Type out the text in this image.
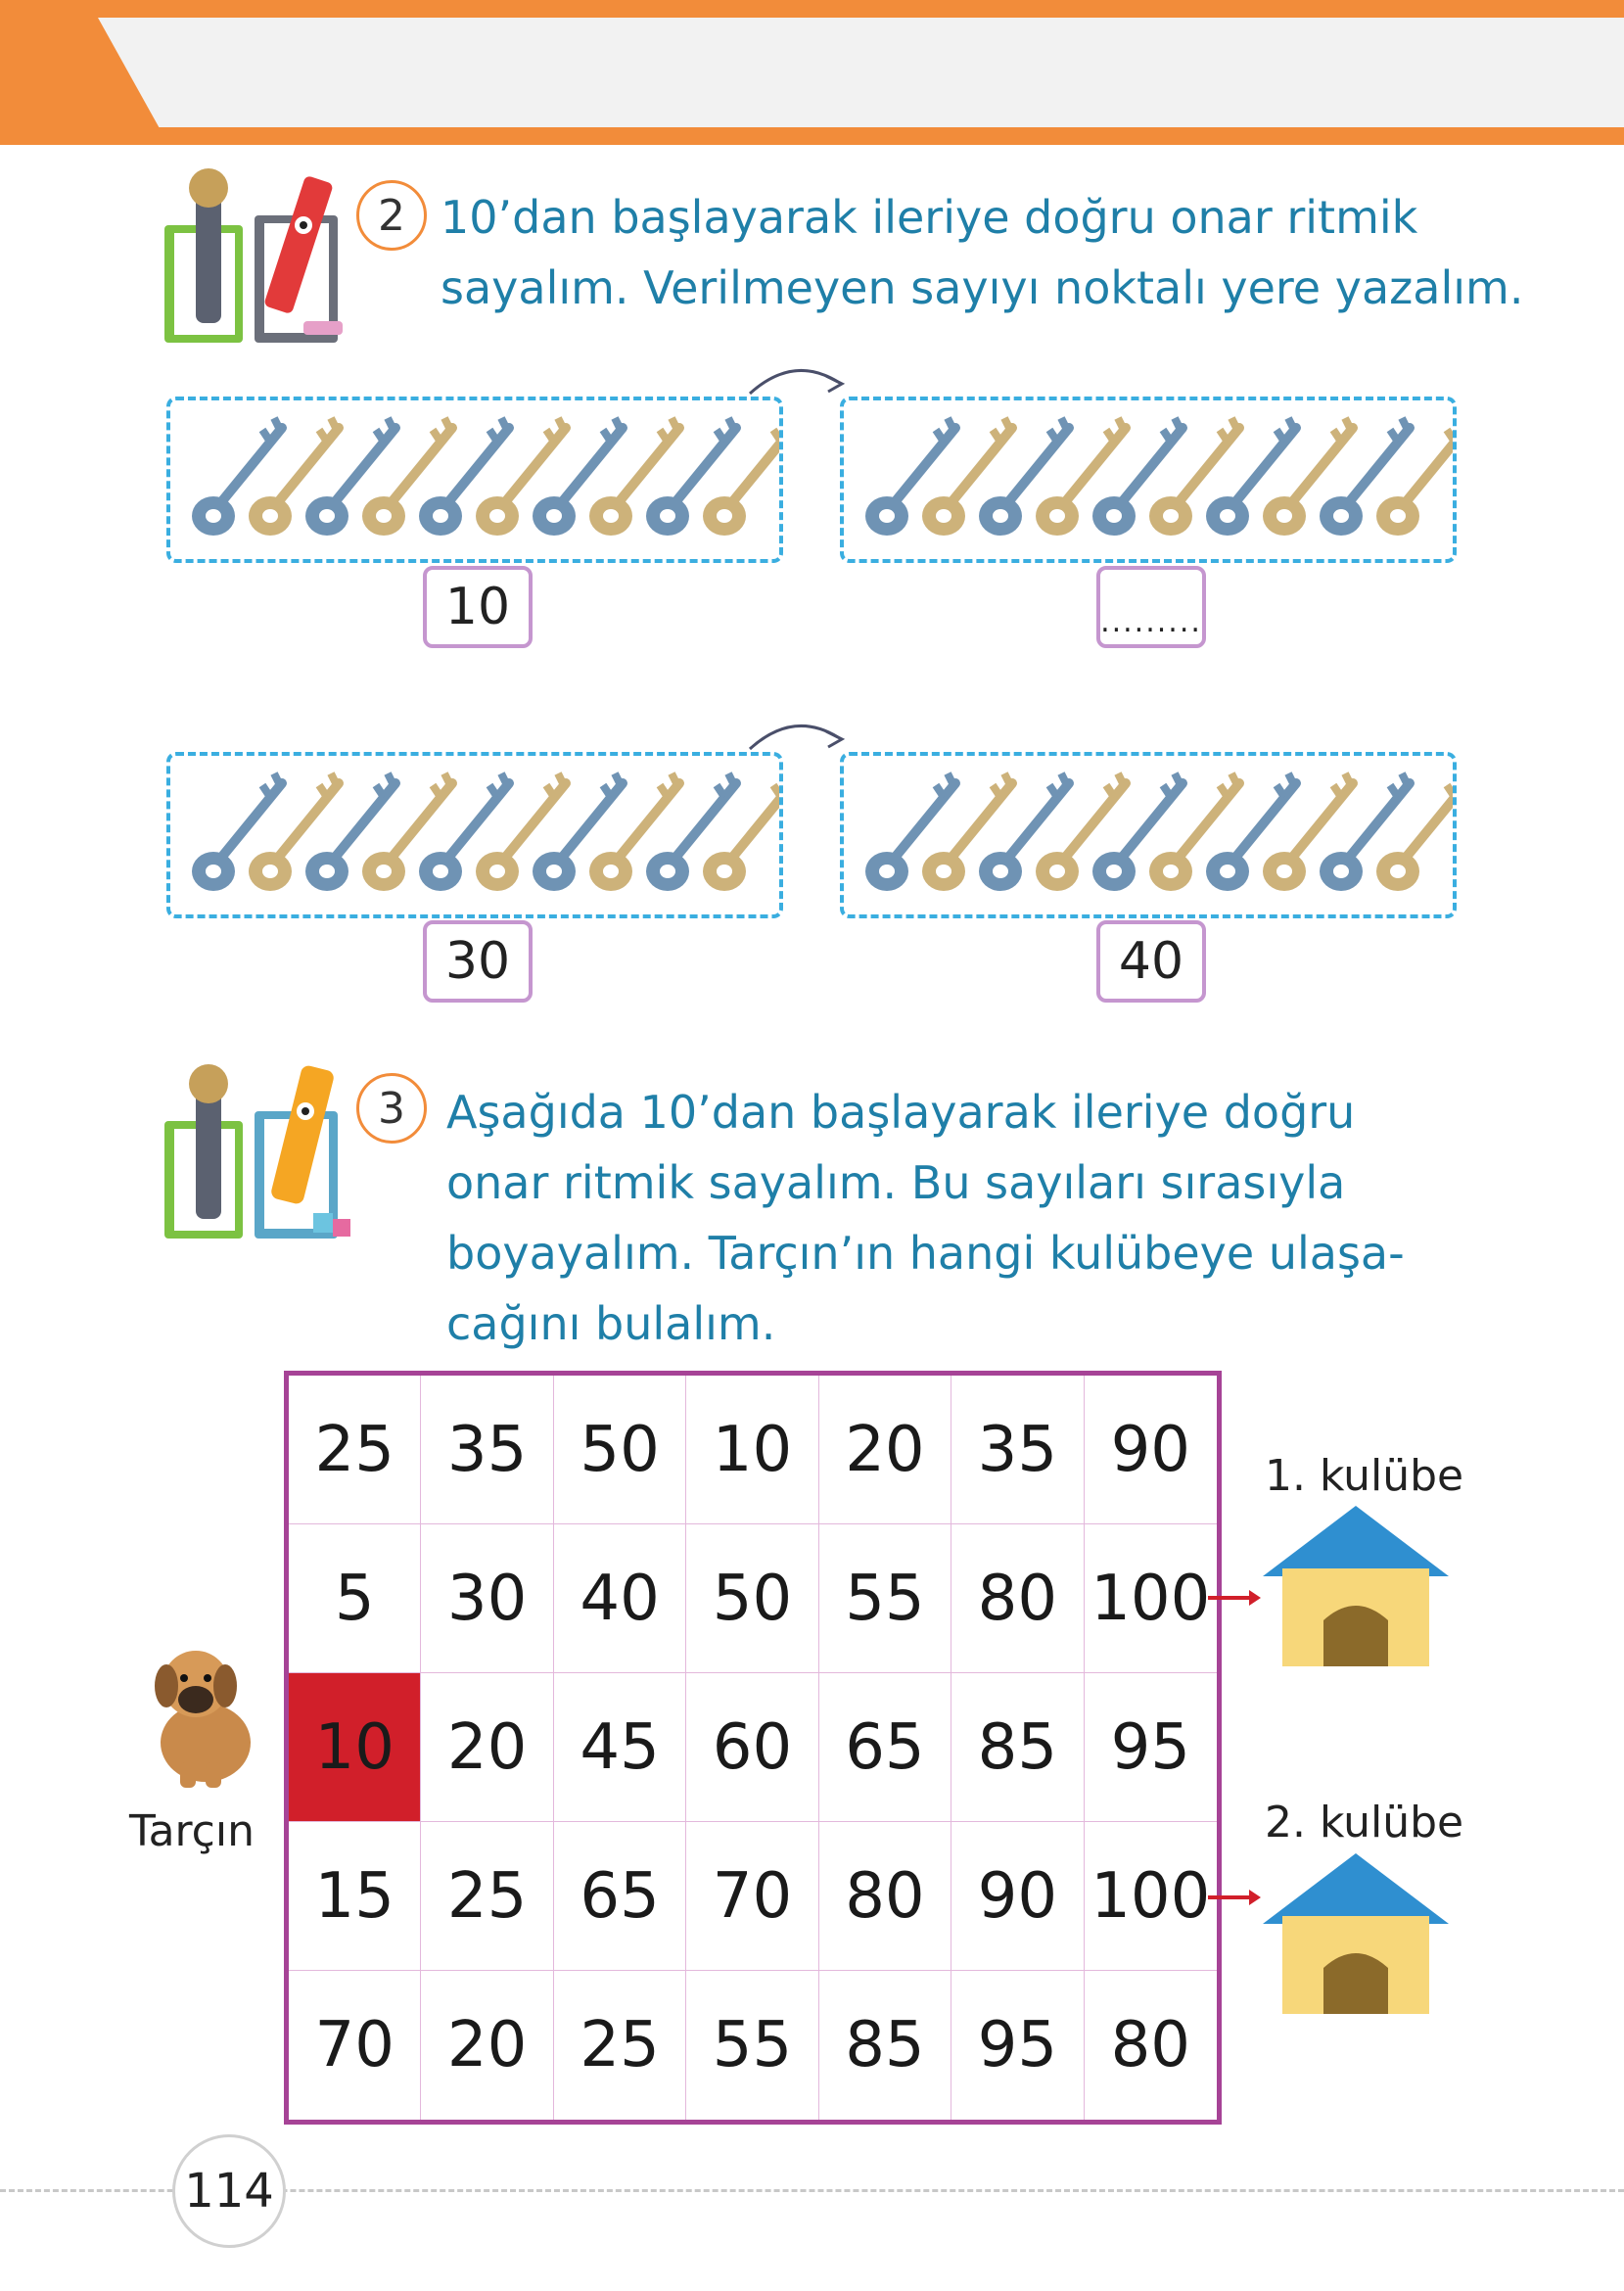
2 10’dan başlayarak ileriye doğru onar ritmik

sayalım. Verilmeyen sayıyı noktalı yere yazalım.

10	.........
30	40
3 Aşağıda 10’dan başlayarak ileriye doğru

onar ritmik sayalım. Bu sayıları sırasıyla

boyayalım. Tarçın’ın hangi kulübeye ulaşa-

cağını bulalım.

25 35 50 10 20 35 90
5	30 40 50 55 80 100
10 20 45 60 65 85 95
15 25 65 70 80 90 100
70 20 25 55 85 95 80
Tarçın
1. kulübe
2. kulübe
114
